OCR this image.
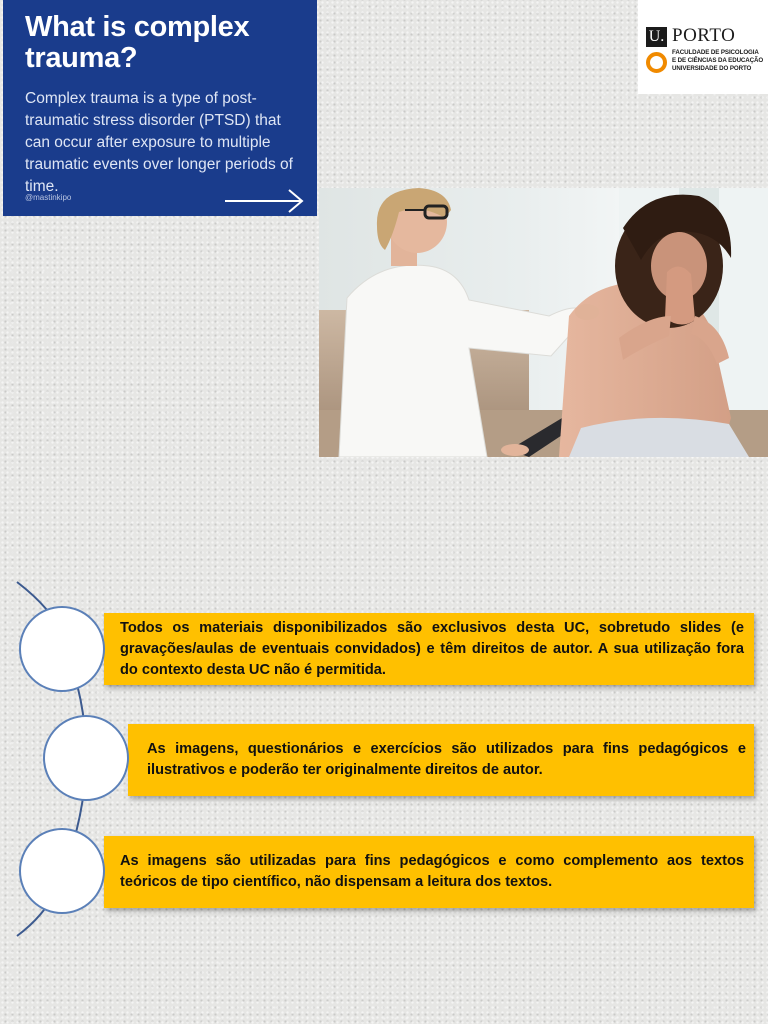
What is complex trauma?
Complex trauma is a type of post-traumatic stress disorder (PTSD) that can occur after exposure to multiple traumatic events over longer periods of time.
@mastinkipo
U. PORTO
FACULDADE DE PSICOLOGIA
E DE CIÊNCIAS DA EDUCAÇÃO
UNIVERSIDADE DO PORTO

Todos os materiais disponibilizados são exclusivos desta UC, sobretudo slides (e gravações/aulas de eventuais convidados) e têm direitos de autor. A sua utilização fora do contexto desta UC não é permitida.

As imagens, questionários e exercícios são utilizados para fins pedagógicos e ilustrativos e poderão ter originalmente direitos de autor.

As imagens são utilizadas para fins pedagógicos e como complemento aos textos teóricos de tipo científico, não dispensam a leitura dos textos.
